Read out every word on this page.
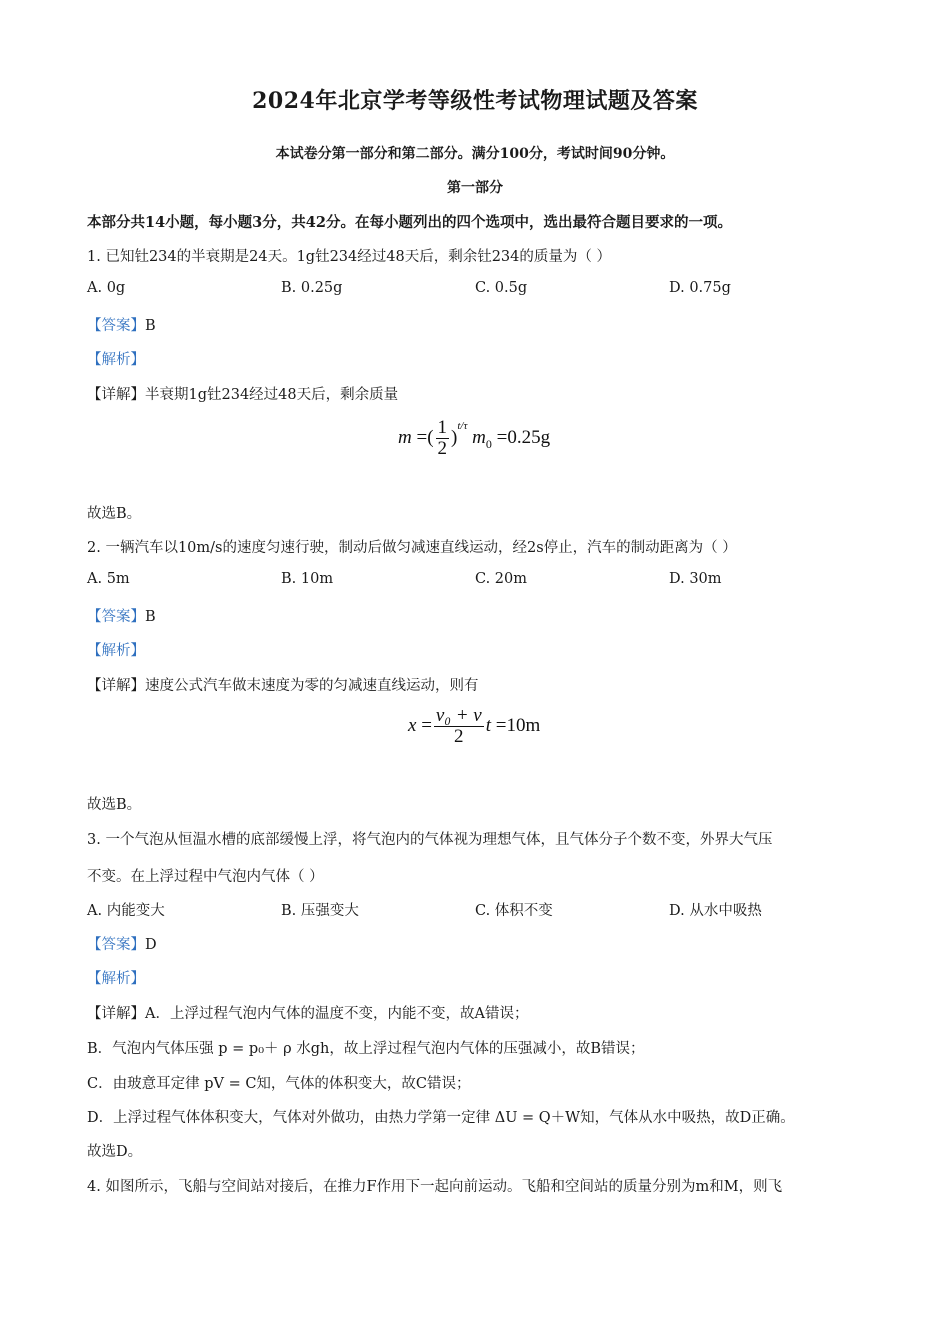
2024年北京学考等级性考试物理试题及答案
本试卷分第一部分和第二部分。满分100分，考试时间90分钟。
第一部分
本部分共14小题，每小题3分，共42分。在每小题列出的四个选项中，选出最符合题目要求的一项。
1. 已知钍234的半衰期是24天。1g钍234经过48天后，剩余钍234的质量为（ ）
A. 0g	B. 0.25g	C. 0.5g	D. 0.75g
【答案】B
【解析】
【详解】半衰期1g钍234经过48天后，剩余质量
m =( $\frac{1}{2} )^{t/\tau}$ $m_0 =0.25g$
故选B。
2. 一辆汽车以10m/s的速度匀速行驶，制动后做匀减速直线运动，经2s停止，汽车的制动距离为（ ）
A. 5m	B. 10m	C. 20m	D. 30m
【答案】B
【解析】
【详解】速度公式汽车做末速度为零的匀减速直线运动，则有
$x = \frac{\text{v₀ + v}}{2}$ t =10m
故选B。
3. 一个气泡从恒温水槽的底部缓慢上浮，将气泡内的气体视为理想气体，且气体分子个数不变，外界大气压
不变。在上浮过程中气泡内气体（ ）
A. 内能变大	B. 压强变大	C. 体积不变	D. 从水中吸热
【答案】D
【解析】
【详解】A．上浮过程气泡内气体的温度不变，内能不变，故A错误；
B．气泡内气体压强 p = p₀＋ ρ 水gh，故上浮过程气泡内气体的压强减小，故B错误；
C．由玻意耳定律 pV = C知，气体的体积变大，故C错误；
D．上浮过程气体体积变大，气体对外做功，由热力学第一定律 ΔU = Q＋W知，气体从水中吸热，故D正确。
故选D。
4. 如图所示，飞船与空间站对接后，在推力F作用下一起向前运动。飞船和空间站的质量分别为m和M，则飞
